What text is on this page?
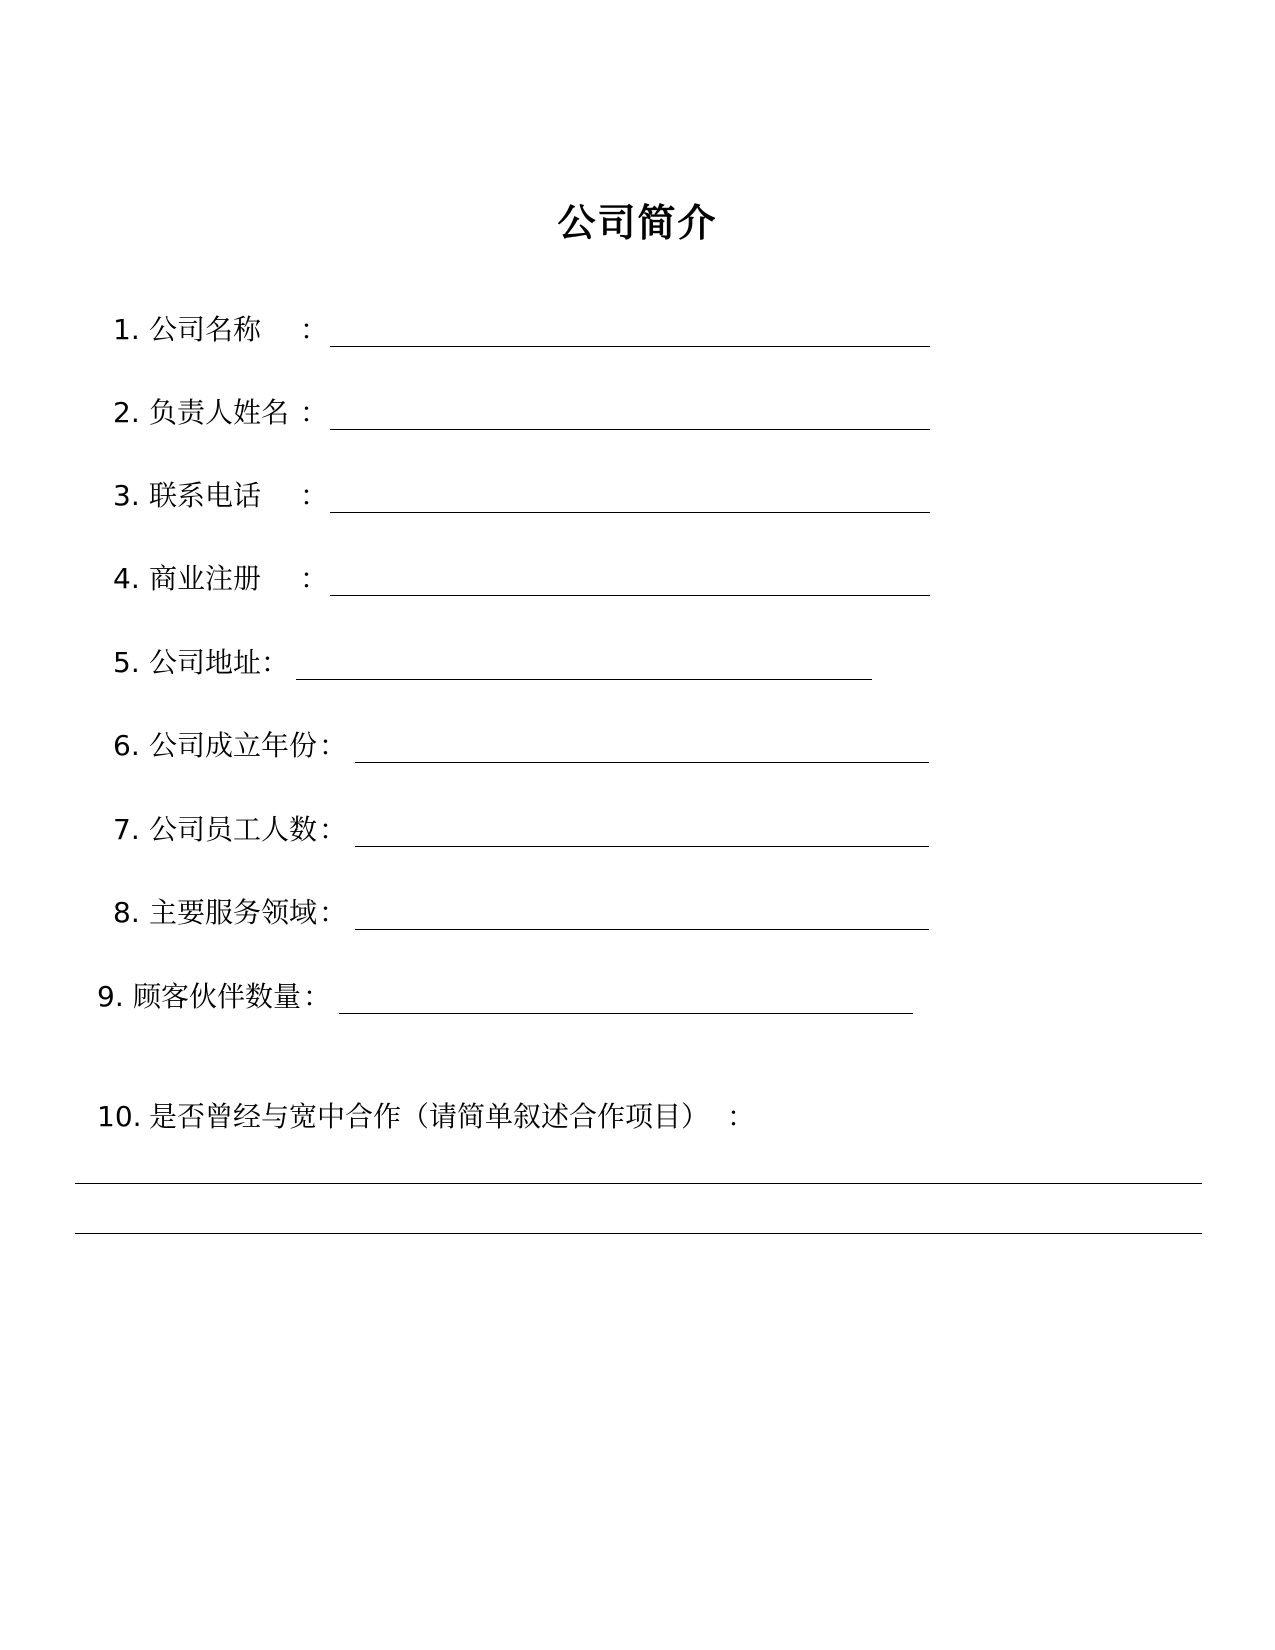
公司简介
1. 公司名称 ：
2. 负责人姓名 ：
3. 联系电话 ：
4. 商业注册 ：
5. 公司地址 ：
6. 公司成立年份 ：
7. 公司员工人数 ：
8. 主要服务领域 ：
9. 顾客伙伴数量 ：
10. 是否曾经与宽中合作（请简单叙述合作项目） ：
